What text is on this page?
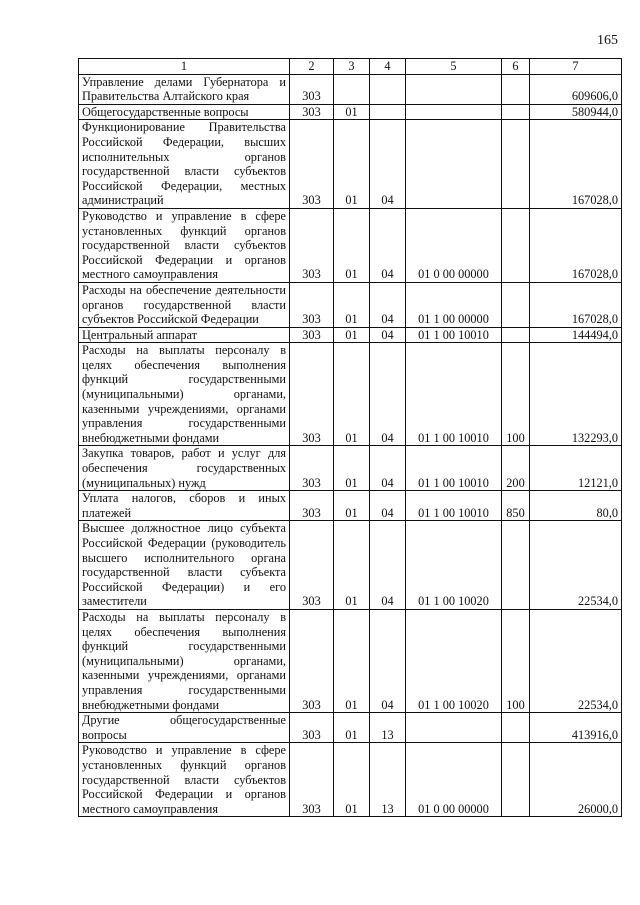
165
1	2	3	4	5	6	7
Управление делами Губернатора и Правительства Алтайского края	303					609606,0
Общегосударственные вопросы	303	01				580944,0
Функционирование Правительства Российской Федерации, высших исполнительных органов государственной власти субъектов Российской Федерации, местных администраций	303	01	04			167028,0
Руководство и управление в сфере установленных функций органов государственной власти субъектов Российской Федерации и органов местного самоуправления	303	01	04	01 0 00 00000		167028,0
Расходы на обеспечение деятельности органов государственной власти субъектов Российской Федерации	303	01	04	01 1 00 00000		167028,0
Центральный аппарат	303	01	04	01 1 00 10010		144494,0
Расходы на выплаты персоналу в целях обеспечения выполнения функций государственными (муниципальными) органами, казенными учреждениями, органами управления государственными внебюджетными фондами	303	01	04	01 1 00 10010	100	132293,0
Закупка товаров, работ и услуг для обеспечения государственных (муниципальных) нужд	303	01	04	01 1 00 10010	200	12121,0
Уплата налогов, сборов и иных платежей	303	01	04	01 1 00 10010	850	80,0
Высшее должностное лицо субъекта Российской Федерации (руководитель высшего исполнительного органа государственной власти субъекта Российской Федерации) и его заместители	303	01	04	01 1 00 10020		22534,0
Расходы на выплаты персоналу в целях обеспечения выполнения функций государственными (муниципальными) органами, казенными учреждениями, органами управления государственными внебюджетными фондами	303	01	04	01 1 00 10020	100	22534,0
Другие общегосударственные вопросы	303	01	13			413916,0
Руководство и управление в сфере установленных функций органов государственной власти субъектов Российской Федерации и органов местного самоуправления	303	01	13	01 0 00 00000		26000,0
